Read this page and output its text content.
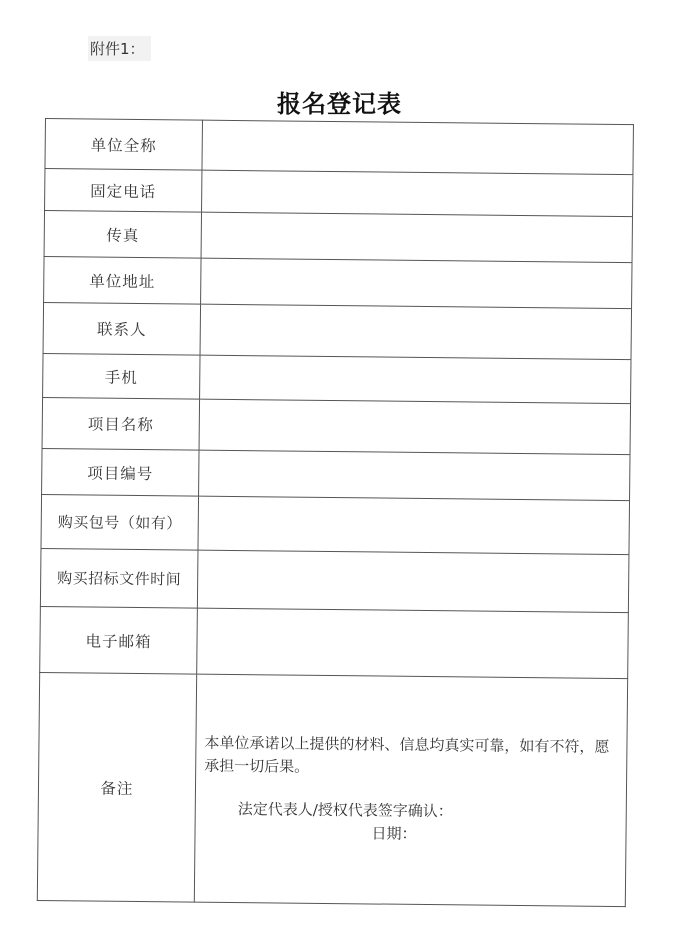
附件1：
报名登记表
单位全称	
固定电话	
传真	
单位地址	
联系人	
手机	
项目名称	
项目编号	
购买包号（如有）	
购买招标文件时间	
电子邮箱	
备注	本单位承诺以上提供的材料、信息均真实可靠，如有不符，愿承担一切后果。
法定代表人/授权代表签字确认：
日期：
